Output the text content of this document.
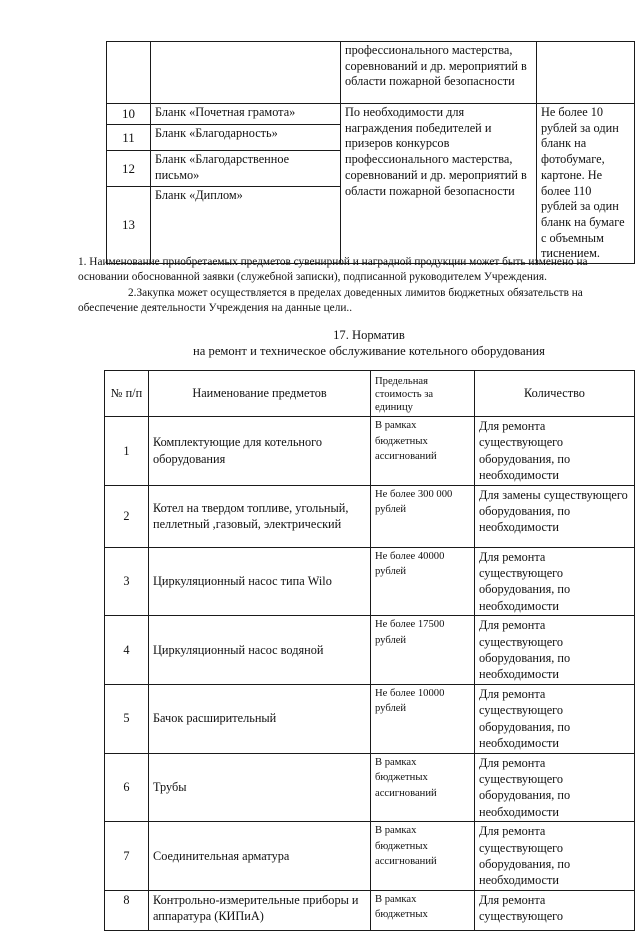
		профессионального мастерства, соревнований и др. мероприятий в области пожарной безопасности	
10	Бланк «Почетная грамота»	По необходимости для награждения победителей и призеров конкурсов профессионального мастерства, соревнований и др. мероприятий в области пожарной безопасности	Не более 10 рублей за один бланк на фотобумаге, картоне. Не более 110 рублей за один бланк на бумаге с объемным тиснением.
11	Бланк «Благодарность»		
12	Бланк «Благодарственное письмо»		
13	Бланк «Диплом»		

1. Наименование приобретаемых предметов сувенирной и наградной продукции может быть изменено на основании обоснованной заявки (служебной записки), подписанной руководителем Учреждения.

2.Закупка может осуществляется в пределах доведенных лимитов бюджетных обязательств на обеспечение деятельности Учреждения на данные цели..

17. Норматив
на ремонт и техническое обслуживание котельного оборудования
№ п/п	Наименование предметов	Предельная стоимость за единицу	Количество
1	Комплектующие для котельного оборудования	В рамках бюджетных ассигнований	Для ремонта существующего оборудования, по необходимости
2	Котел на твердом топливе, угольный, пеллетный ,газовый, электрический	Не более 300 000 рублей	Для замены существующего оборудования, по необходимости
3	Циркуляционный насос типа Wilo	Не более 40000 рублей	Для ремонта существующего оборудования, по необходимости
4	Циркуляционный насос водяной	Не более 17500 рублей	Для ремонта существующего оборудования, по необходимости
5	Бачок расширительный	Не более 10000 рублей	Для ремонта существующего оборудования, по необходимости
6	Трубы	В рамках бюджетных ассигнований	Для ремонта существующего оборудования, по необходимости
7	Соединительная арматура	В рамках бюджетных ассигнований	Для ремонта существующего оборудования, по необходимости
8	Контрольно-измерительные приборы и аппаратура (КИПиА)	В рамках бюджетных	Для ремонта существующего
